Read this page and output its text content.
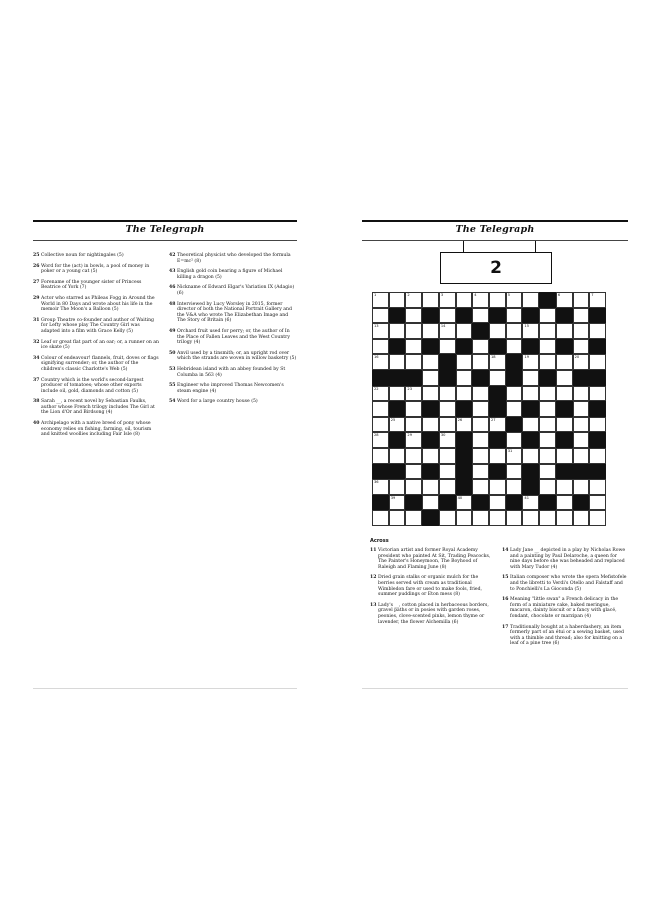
The Telegraph
25 Collective noun for nightingales (5)
26 Word for the (act) in bowls, a pool of money in poker or a young cat (5)
27 Forename of the younger sister of Princess Beatrice of York (7)
29 Actor who starred as Phileas Fogg in Around the World in 80 Days and wrote about his life in the memoir The Moon's a Balloon (5)
31 Group Theatre co-founder and author of Waiting for Lefty whose play The Country Girl was adapted into a film with Grace Kelly (5)
32 Leaf or great flat part of an oar; or, a runner on an ice skate (5)
34 Colour of endeavour! flannels, fruit, doves or flags signifying surrender; or, the author of the children's classic Charlotte's Web (5)
37 Country which is the world's second-largest producer of tomatoes; whose other exports include oil, gold, diamonds and cotton (5)
38 Sarah __, a recent novel by Sebastian Faulks, author whose French trilogy includes The Girl at the Lion d'Or and Birdsong (4)
40 Archipelago with a native breed of pony whose economy relies on fishing, farming, oil, tourism and knitted woollies including Fair Isle (8)
42 Theoretical physicist who developed the formula E=mc² (8)
43 English gold coin bearing a figure of Michael killing a dragon (5)
46 Nickname of Edward Elgar's Variation IX (Adagio) (6)
48 Interviewed by Lucy Worsley in 2015, former director of both the National Portrait Gallery and the V&A who wrote The Elizabethan Image and The Story of Britain (6)
49 Orchard fruit used for perry; or, the author of In the Place of Fallen Leaves and the West Country trilogy (4)
50 Anvil used by a tinsmith; or, an upright rod over which the strands are woven in willow basketry (5)
53 Hebridean island with an abbey founded by St Columba in 563 (4)
55 Engineer who improved Thomas Newcomen's steam engine (4)
54 Word for a large country house (5)
The Telegraph
2
1	2	3	4	5	6	7
13	14	15
16	18	19	20
22	23
25	26	27
28	29	30
31
36
39	40	41
Across
11 Victorian artist and former Royal Academy president who painted At Sit, Trading Peacocks, The Painter's Honeymoon, The Boyhood of Raleigh and Flaming June (8)
12 Dried grain stalks or organic mulch for the berries served with cream as traditional Wimbledon fare or used to make fools, fried, summer puddings or Eton mess (8)
13 Lady's __, cotton placed in herbaceous borders, gravel paths or in posies with garden roses, peonies, clove-scented pinks, lemon thyme or lavender, the flower Alchemilla (6)
14 Lady Jane __ depicted in a play by Nicholas Rowe and a painting by Paul Delaroche, a queen for nine days before she was beheaded and replaced with Mary Tudor (4)
15 Italian composer who wrote the opera Mefistofele and the libretti to Verdi's Otello and Falstaff and to Ponchielli's La Gioconda (5)
16 Meaning "little swan" a French delicacy in the form of a miniature cake, baked meringue, macaron, dainty biscuit or a fancy with glacé, fondant, chocolate or marzipan (4)
17 Traditionally bought at a haberdashery, an item formerly part of an étui or a sewing basket, used with a thimble and thread; also for knitting on a leaf of a pine tree (6)
